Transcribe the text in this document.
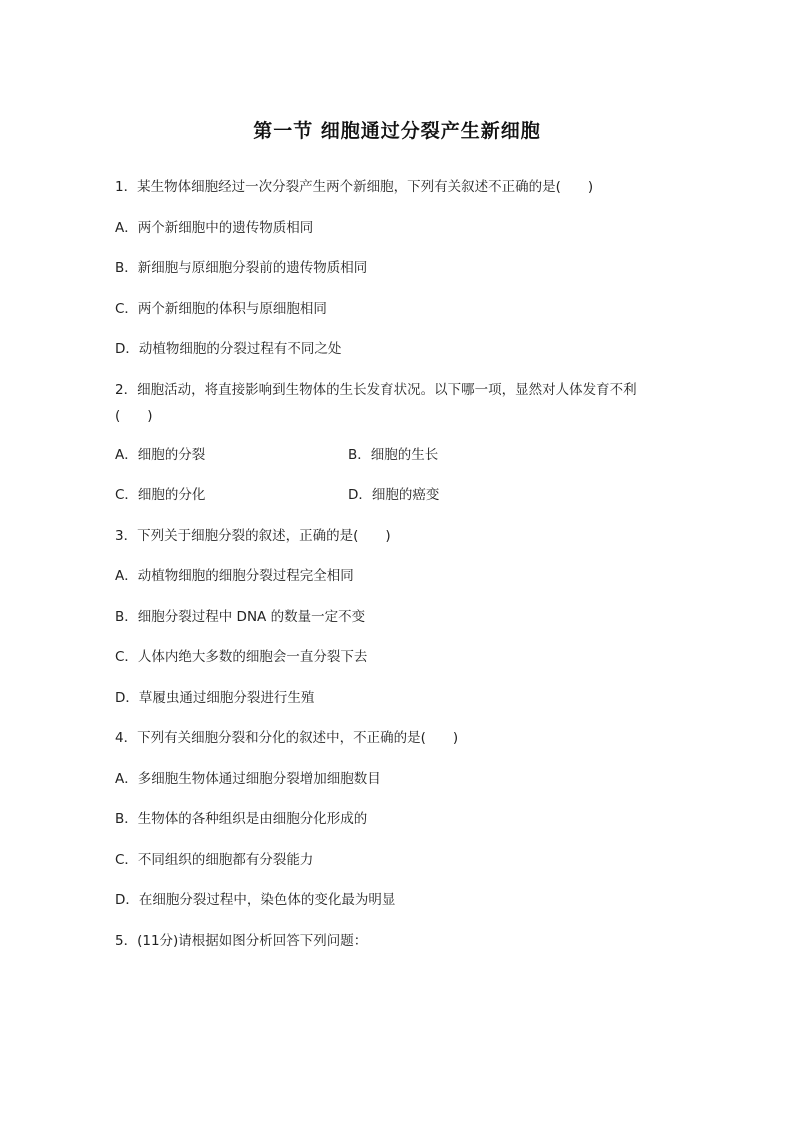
第一节 细胞通过分裂产生新细胞
1．某生物体细胞经过一次分裂产生两个新细胞，下列有关叙述不正确的是(　　)
A．两个新细胞中的遗传物质相同
B．新细胞与原细胞分裂前的遗传物质相同
C．两个新细胞的体积与原细胞相同
D．动植物细胞的分裂过程有不同之处
2．细胞活动，将直接影响到生物体的生长发育状况。以下哪一项，显然对人体发育不利
(　　)
A．细胞的分裂	B．细胞的生长
C．细胞的分化	D．细胞的癌变
3．下列关于细胞分裂的叙述，正确的是(　　)
A．动植物细胞的细胞分裂过程完全相同
B．细胞分裂过程中 DNA 的数量一定不变
C．人体内绝大多数的细胞会一直分裂下去
D．草履虫通过细胞分裂进行生殖
4．下列有关细胞分裂和分化的叙述中，不正确的是(　　)
A．多细胞生物体通过细胞分裂增加细胞数目
B．生物体的各种组织是由细胞分化形成的
C．不同组织的细胞都有分裂能力
D．在细胞分裂过程中，染色体的变化最为明显
5．(11分)请根据如图分析回答下列问题：
